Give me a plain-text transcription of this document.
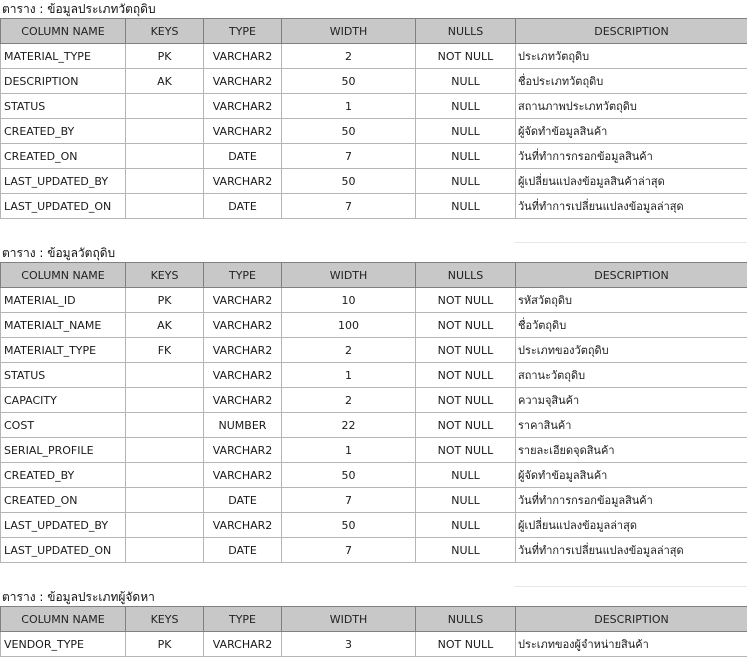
ตาราง : ข้อมูลประเภทวัตถุดิบ
COLUMN NAME	KEYS	TYPE	WIDTH	NULLS	DESCRIPTION
MATERIAL_TYPE	PK	VARCHAR2	2	NOT NULL	ประเภทวัตถุดิบ
DESCRIPTION	AK	VARCHAR2	50	NULL	ชื่อประเภทวัตถุดิบ
STATUS		VARCHAR2	1	NULL	สถานภาพประเภทวัตถุดิบ
CREATED_BY		VARCHAR2	50	NULL	ผู้จัดทำข้อมูลสินค้า
CREATED_ON		DATE	7	NULL	วันที่ทำการกรอกข้อมูลสินค้า
LAST_UPDATED_BY		VARCHAR2	50	NULL	ผู้เปลี่ยนแปลงข้อมูลสินค้าล่าสุด
LAST_UPDATED_ON		DATE	7	NULL	วันที่ทำการเปลี่ยนแปลงข้อมูลล่าสุด
ตาราง : ข้อมูลวัตถุดิบ
COLUMN NAME	KEYS	TYPE	WIDTH	NULLS	DESCRIPTION
MATERIAL_ID	PK	VARCHAR2	10	NOT NULL	รหัสวัตถุดิบ
MATERIALT_NAME	AK	VARCHAR2	100	NOT NULL	ชื่อวัตถุดิบ
MATERIALT_TYPE	FK	VARCHAR2	2	NOT NULL	ประเภทของวัตถุดิบ
STATUS		VARCHAR2	1	NOT NULL	สถานะวัตถุดิบ
CAPACITY		VARCHAR2	2	NOT NULL	ความจุสินค้า
COST		NUMBER	22	NOT NULL	ราคาสินค้า
SERIAL_PROFILE		VARCHAR2	1	NOT NULL	รายละเอียดจุดสินค้า
CREATED_BY		VARCHAR2	50	NULL	ผู้จัดทำข้อมูลสินค้า
CREATED_ON		DATE	7	NULL	วันที่ทำการกรอกข้อมูลสินค้า
LAST_UPDATED_BY		VARCHAR2	50	NULL	ผู้เปลี่ยนแปลงข้อมูลล่าสุด
LAST_UPDATED_ON		DATE	7	NULL	วันที่ทำการเปลี่ยนแปลงข้อมูลล่าสุด
ตาราง : ข้อมูลประเภทผู้จัดหา
COLUMN NAME	KEYS	TYPE	WIDTH	NULLS	DESCRIPTION
VENDOR_TYPE	PK	VARCHAR2	3	NOT NULL	ประเภทของผู้จำหน่ายสินค้า
